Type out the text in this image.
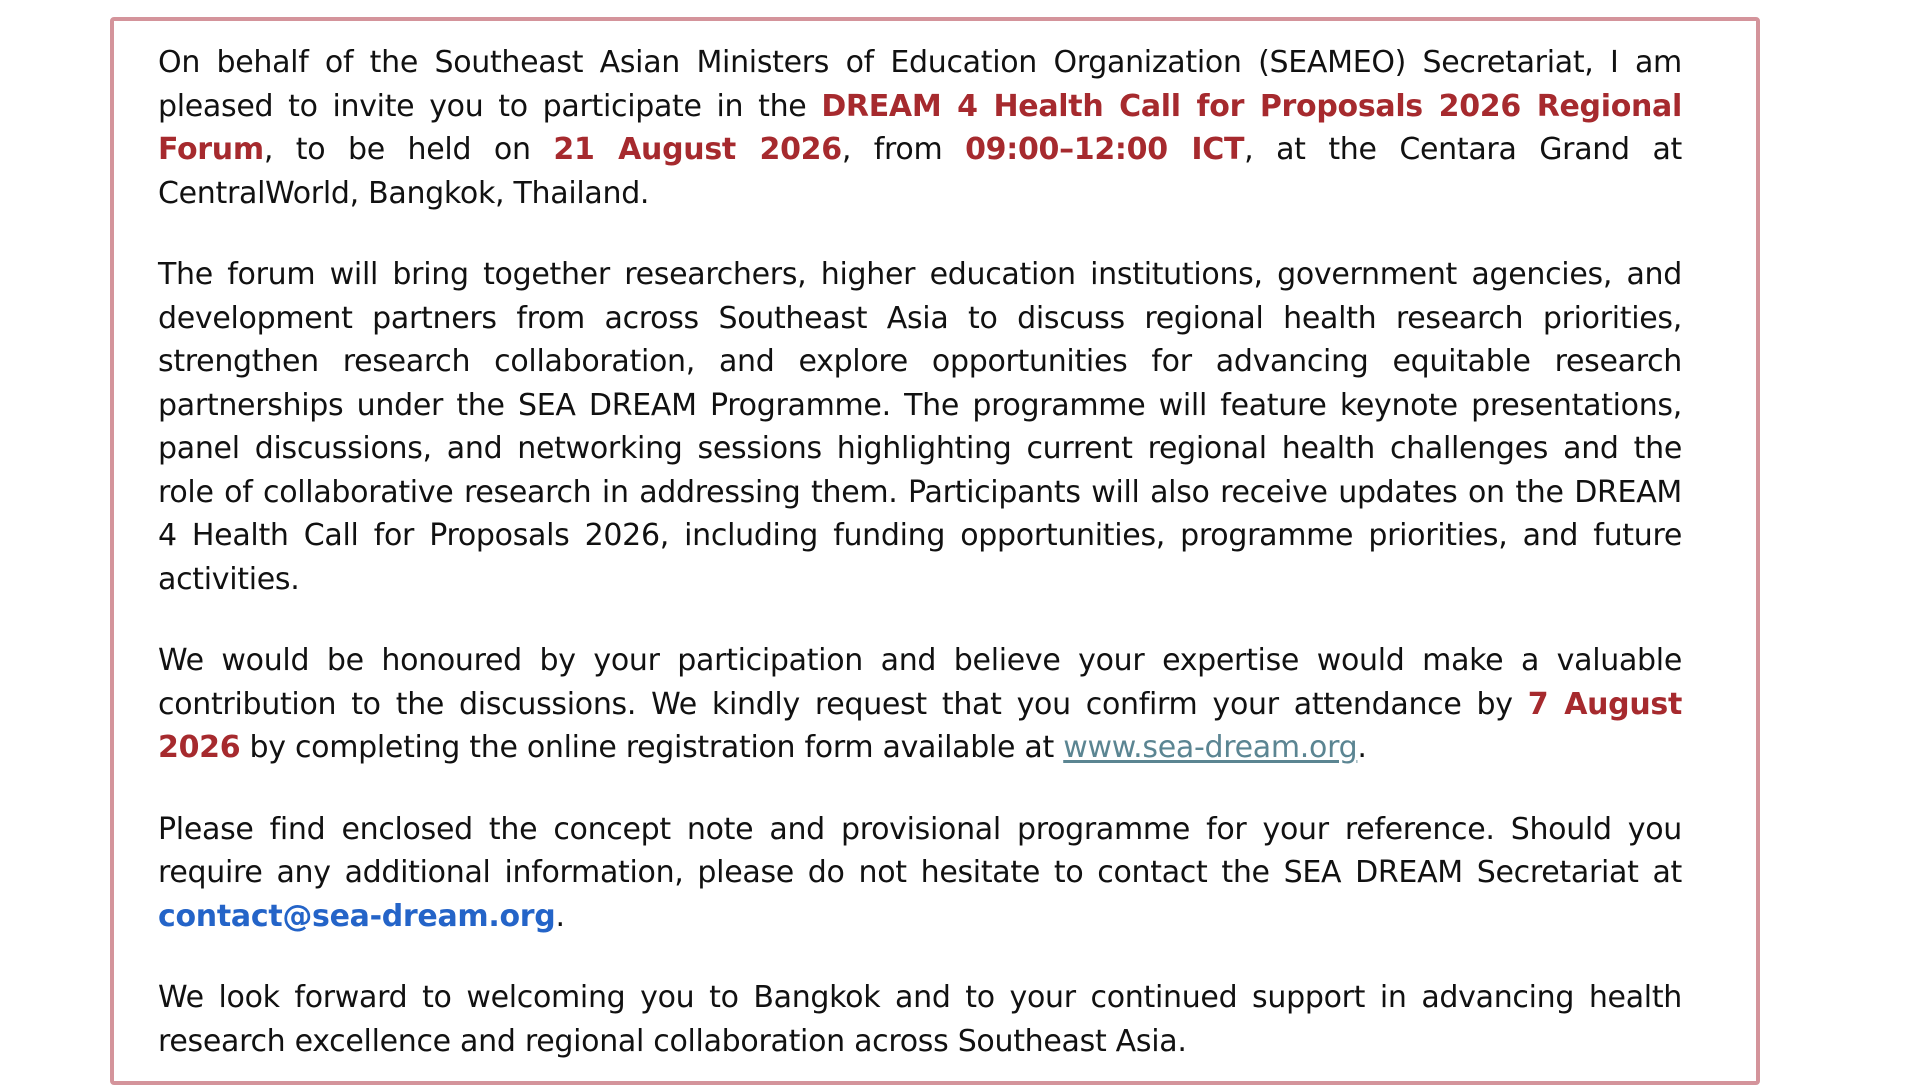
On behalf of the Southeast Asian Ministers of Education Organization (SEAMEO) Secretariat, I am pleased to invite you to participate in the DREAM 4 Health Call for Proposals 2026 Regional Forum, to be held on 21 August 2026, from 09:00–12:00 ICT, at the Centara Grand at CentralWorld, Bangkok, Thailand.

The forum will bring together researchers, higher education institutions, government agencies, and development partners from across Southeast Asia to discuss regional health research priorities, strengthen research collaboration, and explore opportunities for advancing equitable research partnerships under the SEA DREAM Programme. The programme will feature keynote presentations, panel discussions, and networking sessions highlighting current regional health challenges and the role of collaborative research in addressing them. Participants will also receive updates on the DREAM 4 Health Call for Proposals 2026, including funding opportunities, programme priorities, and future activities.

We would be honoured by your participation and believe your expertise would make a valuable contribution to the discussions. We kindly request that you confirm your attendance by 7 August 2026 by completing the online registration form available at www.sea-dream.org.

Please find enclosed the concept note and provisional programme for your reference. Should you require any additional information, please do not hesitate to contact the SEA DREAM Secretariat at contact@sea-dream.org.

We look forward to welcoming you to Bangkok and to your continued support in advancing health research excellence and regional collaboration across Southeast Asia.
